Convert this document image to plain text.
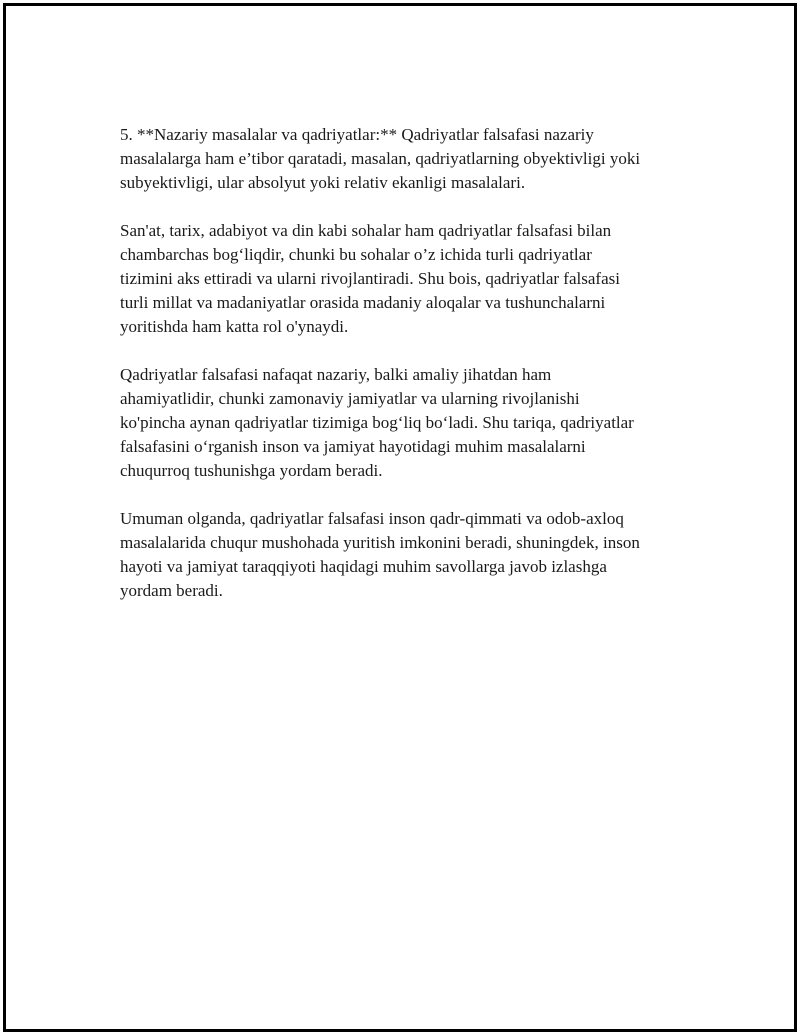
5. **Nazariy masalalar va qadriyatlar:** Qadriyatlar falsafasi nazariy
masalalarga ham e’tibor qaratadi, masalan, qadriyatlarning obyektivligi yoki
subyektivligi, ular absolyut yoki relativ ekanligi masalalari.

San'at, tarix, adabiyot va din kabi sohalar ham qadriyatlar falsafasi bilan
chambarchas bog‘liqdir, chunki bu sohalar o’z ichida turli qadriyatlar
tizimini aks ettiradi va ularni rivojlantiradi. Shu bois, qadriyatlar falsafasi
turli millat va madaniyatlar orasida madaniy aloqalar va tushunchalarni
yoritishda ham katta rol o'ynaydi.

Qadriyatlar falsafasi nafaqat nazariy, balki amaliy jihatdan ham
ahamiyatlidir, chunki zamonaviy jamiyatlar va ularning rivojlanishi
ko'pincha aynan qadriyatlar tizimiga bog‘liq bo‘ladi. Shu tariqa, qadriyatlar
falsafasini o‘rganish inson va jamiyat hayotidagi muhim masalalarni
chuqurroq tushunishga yordam beradi.

Umuman olganda, qadriyatlar falsafasi inson qadr-qimmati va odob-axloq
masalalarida chuqur mushohada yuritish imkonini beradi, shuningdek, inson
hayoti va jamiyat taraqqiyoti haqidagi muhim savollarga javob izlashga
yordam beradi.
